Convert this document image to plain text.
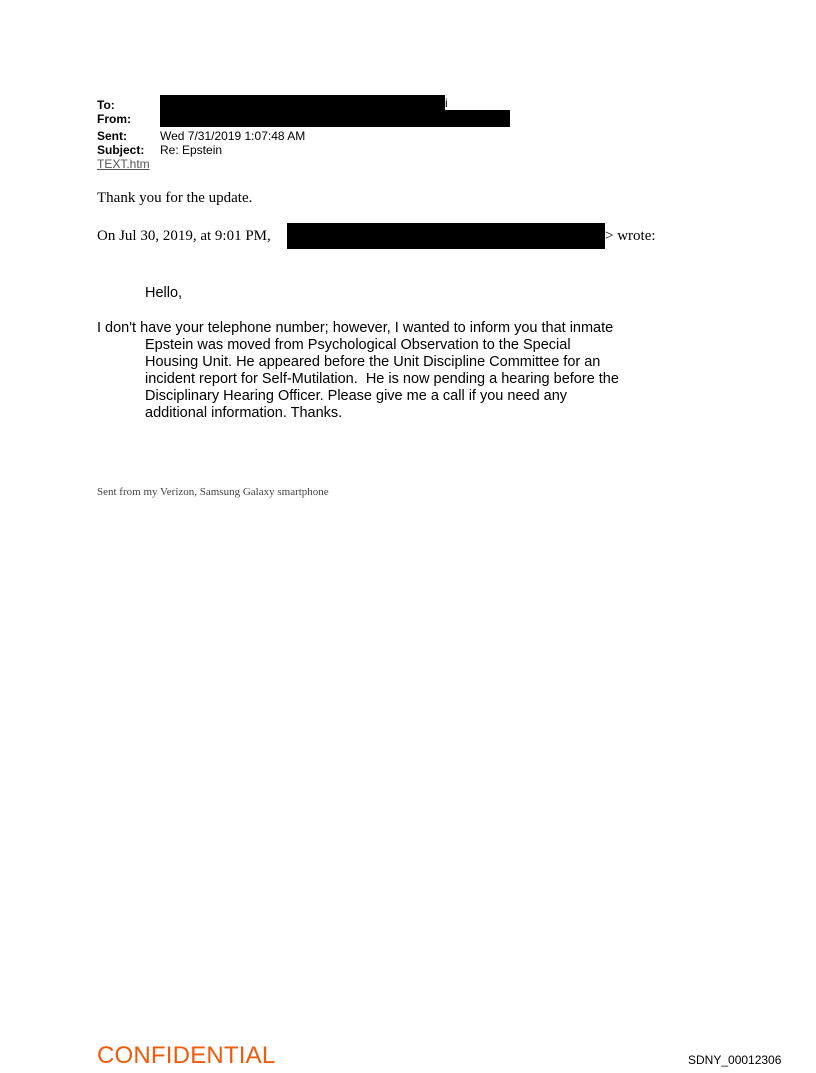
To:	i
From:
Sent:	Wed 7/31/2019 1:07:48 AM
Subject: Re: Epstein
TEXT.htm
Thank you for the update.
On Jul 30, 2019, at 9:01 PM,	> wrote:
Hello,
I don't have your telephone number; however, I wanted to inform you that inmate
Epstein was moved from Psychological Observation to the Special
Housing Unit. He appeared before the Unit Discipline Committee for an
incident report for Self-Mutilation.  He is now pending a hearing before the
Disciplinary Hearing Officer. Please give me a call if you need any
additional information. Thanks.
Sent from my Verizon, Samsung Galaxy smartphone
CONFIDENTIAL	SDNY_00012306
